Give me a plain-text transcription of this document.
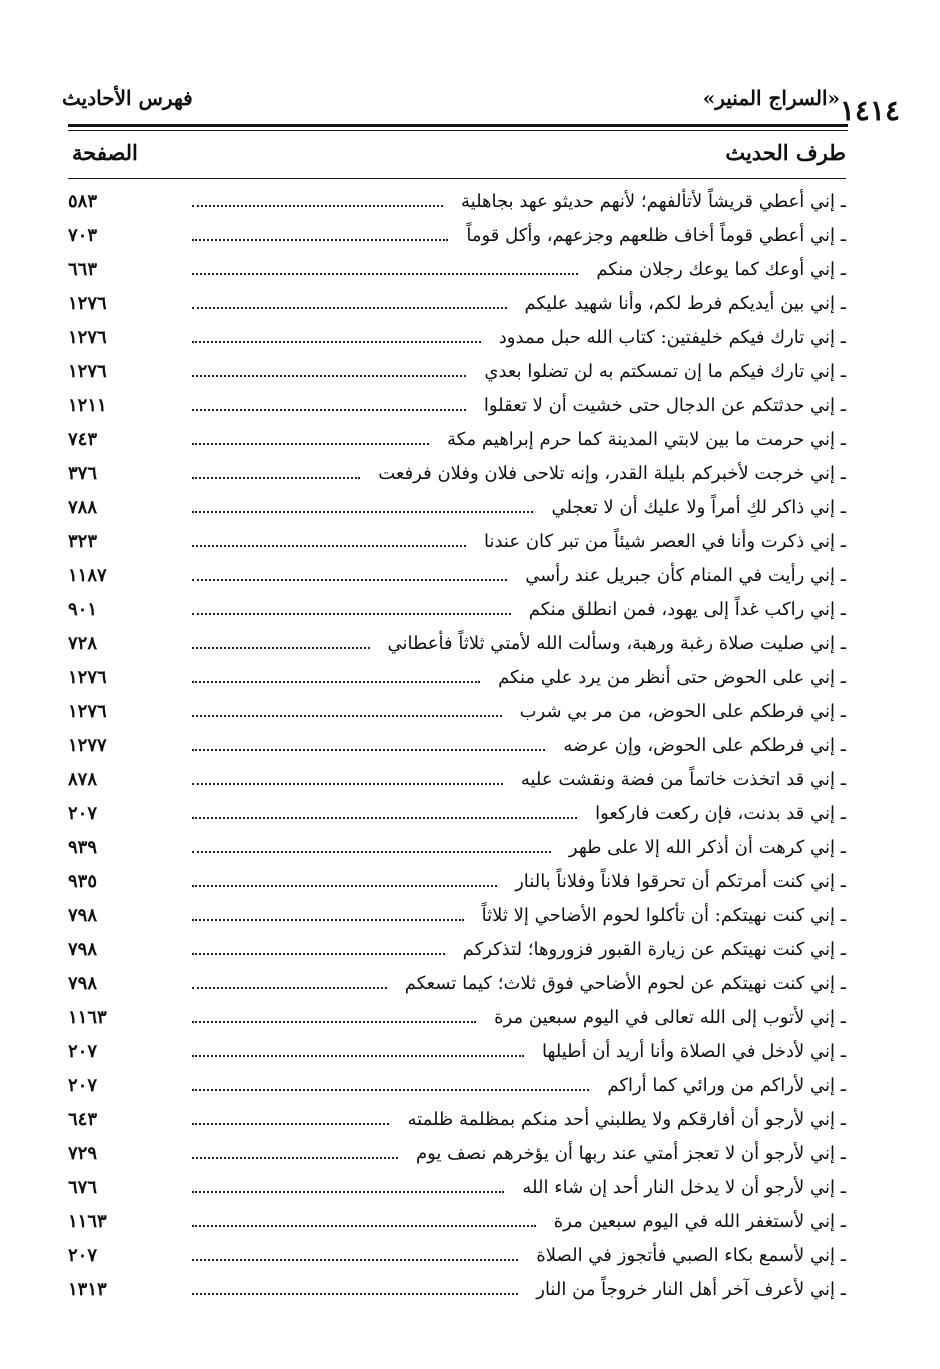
فهرس الأحاديث	«السراج المنير» ١٤١٤
طرف الحديث
الصفحة
ـ إني أعطي قريشاً لأتألفهم؛ لأنهم حديثو عهد بجاهلية
٥٨٣
ـ إني أعطي قوماً أخاف ظلعهم وجزعهم، وأكل قوماً
٧٠٣
ـ إني أوعك كما يوعك رجلان منكم
٦٦٣
ـ إني بين أيديكم فرط لكم، وأنا شهيد عليكم
١٢٧٦
ـ إني تارك فيكم خليفتين: كتاب الله حبل ممدود
١٢٧٦
ـ إني تارك فيكم ما إن تمسكتم به لن تضلوا بعدي
١٢٧٦
ـ إني حدثتكم عن الدجال حتى خشيت أن لا تعقلوا
١٢١١
ـ إني حرمت ما بين لابتي المدينة كما حرم إبراهيم مكة
٧٤٣
ـ إني خرجت لأخبركم بليلة القدر، وإنه تلاحى فلان وفلان فرفعت
٣٧٦
ـ إني ذاكر لكِ أمراً ولا عليك أن لا تعجلي
٧٨٨
ـ إني ذكرت وأنا في العصر شيئاً من تبر كان عندنا
٣٢٣
ـ إني رأيت في المنام كأن جبريل عند رأسي
١١٨٧
ـ إني راكب غداً إلى يهود، فمن انطلق منكم
٩٠١
ـ إني صليت صلاة رغبة ورهبة، وسألت الله لأمتي ثلاثاً فأعطاني
٧٢٨
ـ إني على الحوض حتى أنظر من يرد علي منكم
١٢٧٦
ـ إني فرطكم على الحوض، من مر بي شرب
١٢٧٦
ـ إني فرطكم على الحوض، وإن عرضه
١٢٧٧
ـ إني قد اتخذت خاتماً من فضة ونقشت عليه
٨٧٨
ـ إني قد بدنت، فإن ركعت فاركعوا
٢٠٧
ـ إني كرهت أن أذكر الله إلا على طهر
٩٣٩
ـ إني كنت أمرتكم أن تحرقوا فلاناً وفلاناً بالنار
٩٣٥
ـ إني كنت نهيتكم: أن تأكلوا لحوم الأضاحي إلا ثلاثاً
٧٩٨
ـ إني كنت نهيتكم عن زيارة القبور فزوروها؛ لتذكركم
٧٩٨
ـ إني كنت نهيتكم عن لحوم الأضاحي فوق ثلاث؛ كيما تسعكم
٧٩٨
ـ إني لأتوب إلى الله تعالى في اليوم سبعين مرة
١١٦٣
ـ إني لأدخل في الصلاة وأنا أريد أن أطيلها
٢٠٧
ـ إني لأراكم من ورائي كما أراكم
٢٠٧
ـ إني لأرجو أن أفارقكم ولا يطلبني أحد منكم بمظلمة ظلمته
٦٤٣
ـ إني لأرجو أن لا تعجز أمتي عند ربها أن يؤخرهم نصف يوم
٧٢٩
ـ إني لأرجو أن لا يدخل النار أحد إن شاء الله
٦٧٦
ـ إني لأستغفر الله في اليوم سبعين مرة
١١٦٣
ـ إني لأسمع بكاء الصبي فأتجوز في الصلاة
٢٠٧
ـ إني لأعرف آخر أهل النار خروجاً من النار
١٣١٣
